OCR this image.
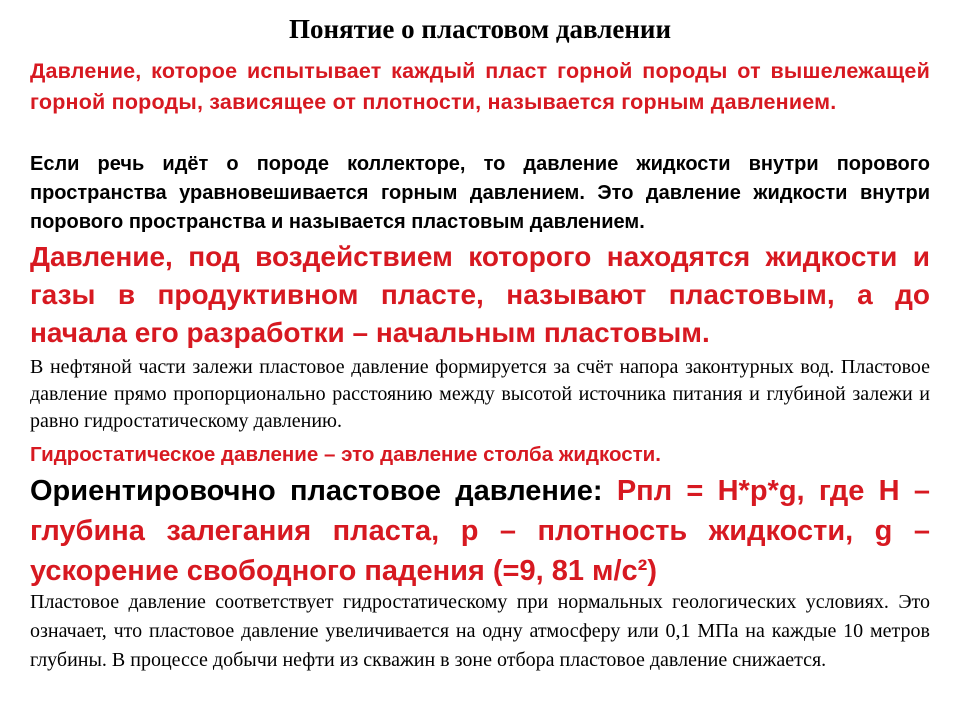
Понятие о пластовом давлении

Давление, которое испытывает каждый пласт горной породы от вышележащей горной породы, зависящее от плотности, называется горным давлением.

Если речь идёт о породе коллекторе, то давление жидкости внутри порового пространства уравновешивается горным давлением. Это давление жидкости внутри порового пространства и называется пластовым давлением.

Давление, под воздействием которого находятся жидкости и газы в продуктивном пласте, называют пластовым, а до начала его разработки – начальным пластовым.

В нефтяной части залежи пластовое давление формируется за счёт напора законтурных вод. Пластовое давление прямо пропорционально расстоянию между высотой источника питания и глубиной залежи и равно гидростатическому давлению.

Гидростатическое давление – это давление столба жидкости.

Ориентировочно пластовое давление: Рпл = H*p*g, где H – глубина залегания пласта, p – плотность жидкости, g – ускорение свободного падения (=9, 81 м/с²)

Пластовое давление соответствует гидростатическому при нормальных геологических условиях. Это означает, что пластовое давление увеличивается на одну атмосферу или 0,1 МПа на каждые 10 метров глубины. В процессе добычи нефти из скважин в зоне отбора пластовое давление снижается.
